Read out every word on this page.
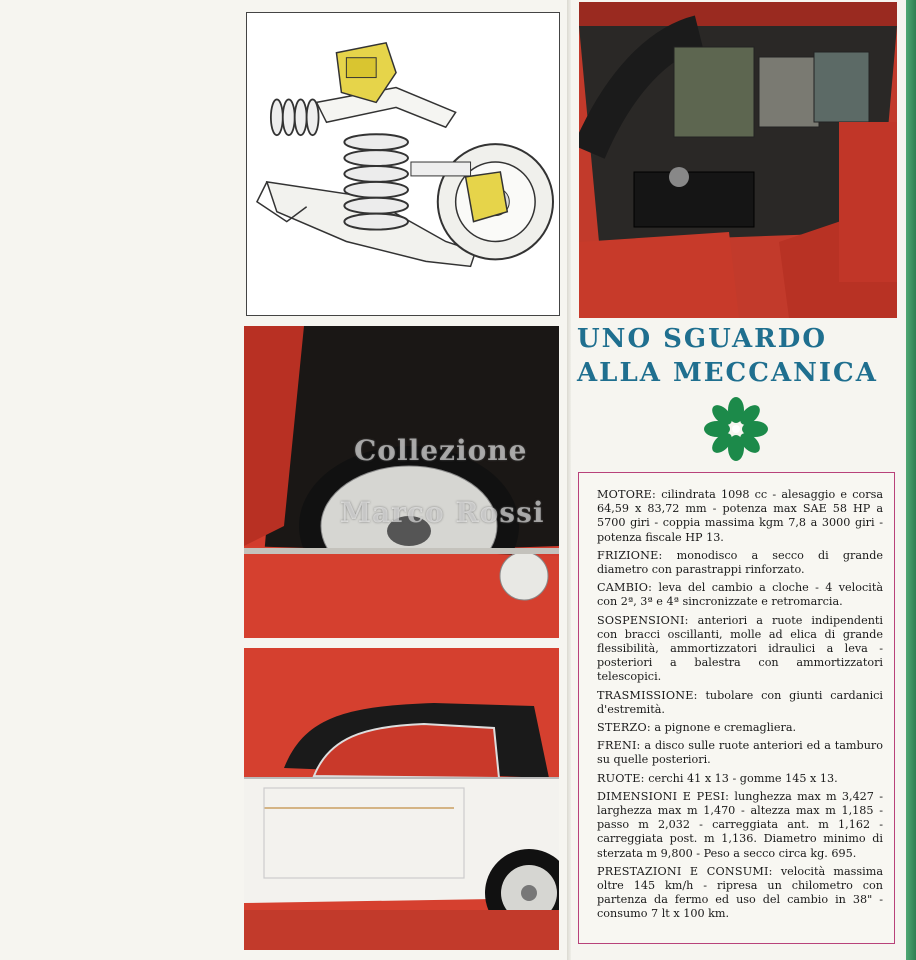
UNO SGUARDO
ALLA MECCANICA

MOTORE: cilindrata 1098 cc - alesaggio e corsa 64,59 x 83,72 mm - potenza max SAE 58 HP a 5700 giri - coppia massima kgm 7,8 a 3000 giri - potenza fiscale HP 13.

FRIZIONE: monodisco a secco di grande diametro con parastrappi rinforzato.

CAMBIO: leva del cambio a cloche - 4 velocità con 2ª, 3ª e 4ª sincronizzate e retromarcia.

SOSPENSIONI: anteriori a ruote indipendenti con bracci oscillanti, molle ad elica di grande flessibilità, ammortizzatori idraulici a leva - posteriori a balestra con ammortizzatori telescopici.

TRASMISSIONE: tubolare con giunti cardanici d'estremità.

STERZO: a pignone e cremagliera.

FRENI: a disco sulle ruote anteriori ed a tamburo su quelle posteriori.

RUOTE: cerchi 41 x 13 - gomme 145 x 13.

DIMENSIONI E PESI: lunghezza max m 3,427 - larghezza max m 1,470 - altezza max m 1,185 - passo m 2,032 - carreggiata ant. m 1,162 - carreggiata post. m 1,136. Diametro minimo di sterzata m 9,800 - Peso a secco circa kg. 695.

PRESTAZIONI E CONSUMI: velocità massima oltre 145 km/h - ripresa un chilometro con partenza da fermo ed uso del cambio in 38" - consumo 7 lt x 100 km.

Collezione
Marco Rossi
